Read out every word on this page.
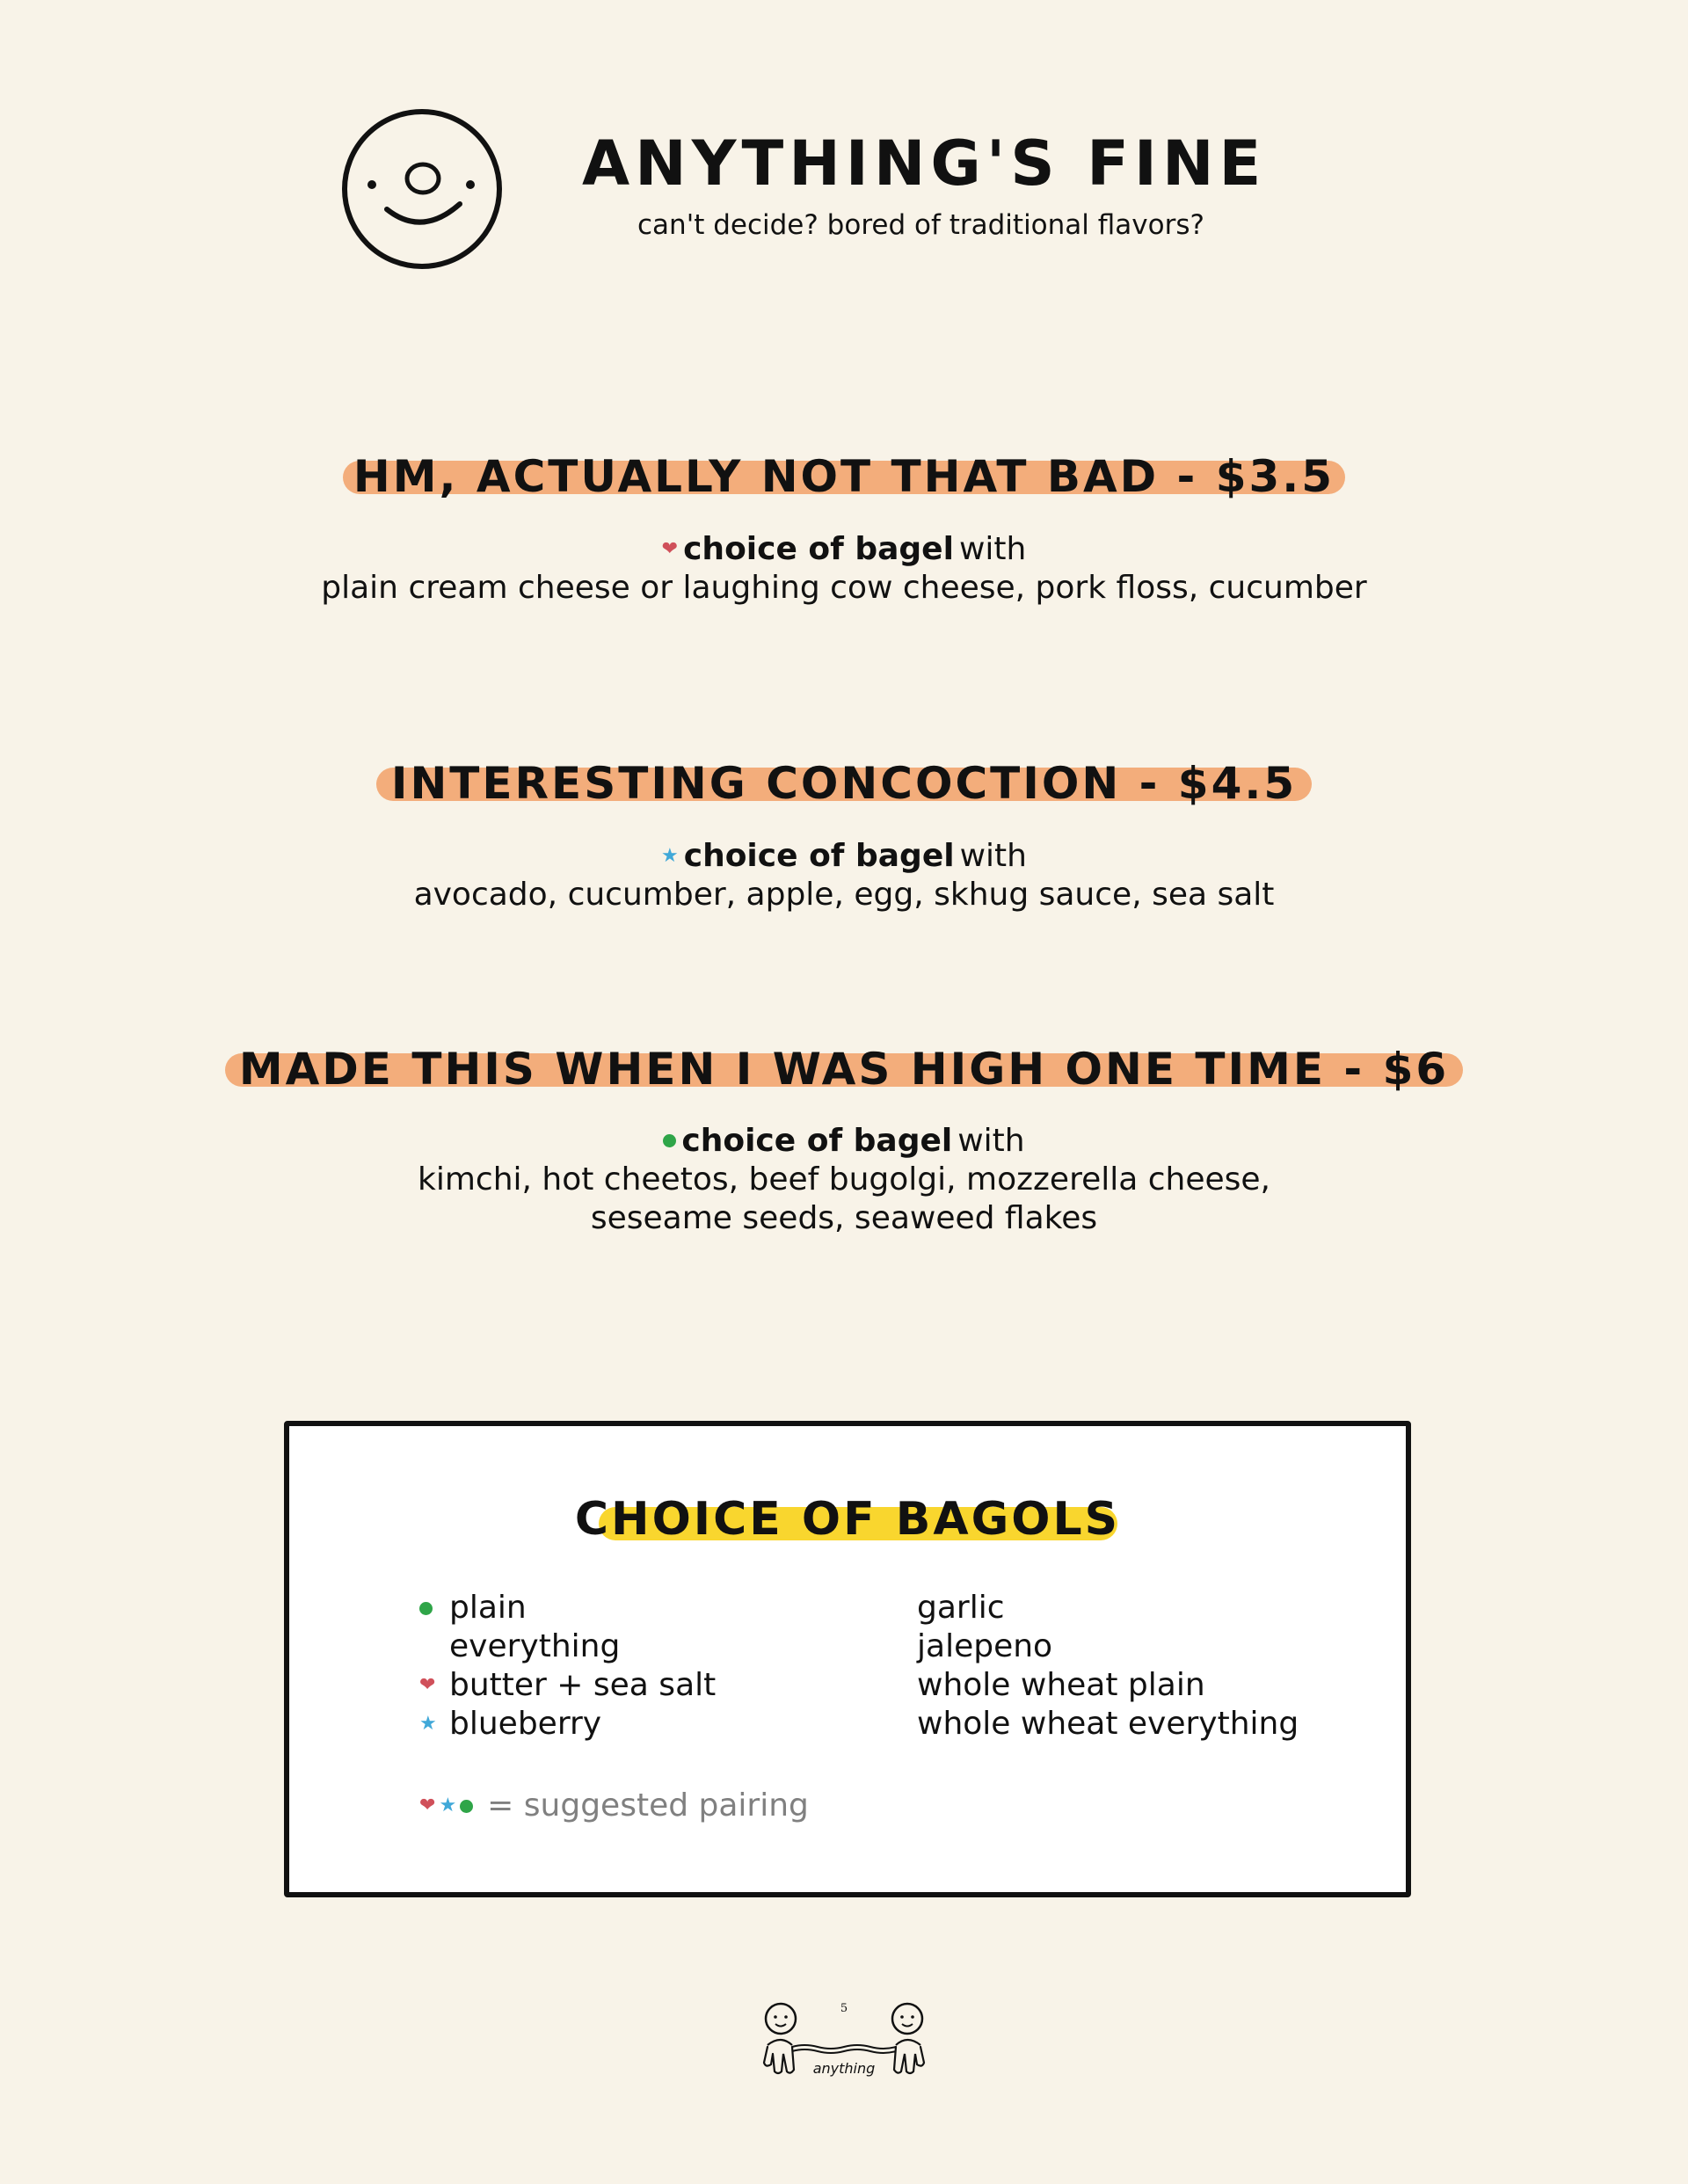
ANYTHING'S FINE
can't decide? bored of traditional flavors?
HM, ACTUALLY NOT THAT BAD - $3.5
❤ choice of bagel with
plain cream cheese or laughing cow cheese, pork floss, cucumber
INTERESTING CONCOCTION - $4.5
★ choice of bagel with
avocado, cucumber, apple, egg, skhug sauce, sea salt
MADE THIS WHEN I WAS HIGH ONE TIME - $6
choice of bagel with
kimchi, hot cheetos, beef bugolgi, mozzerella cheese,
seseame seeds, seaweed flakes
CHOICE OF BAGOLS
plain
everything
❤ butter + sea salt
★ blueberry
garlic
jalepeno
whole wheat plain
whole wheat everything
❤ ★ = suggested pairing
5
anything
